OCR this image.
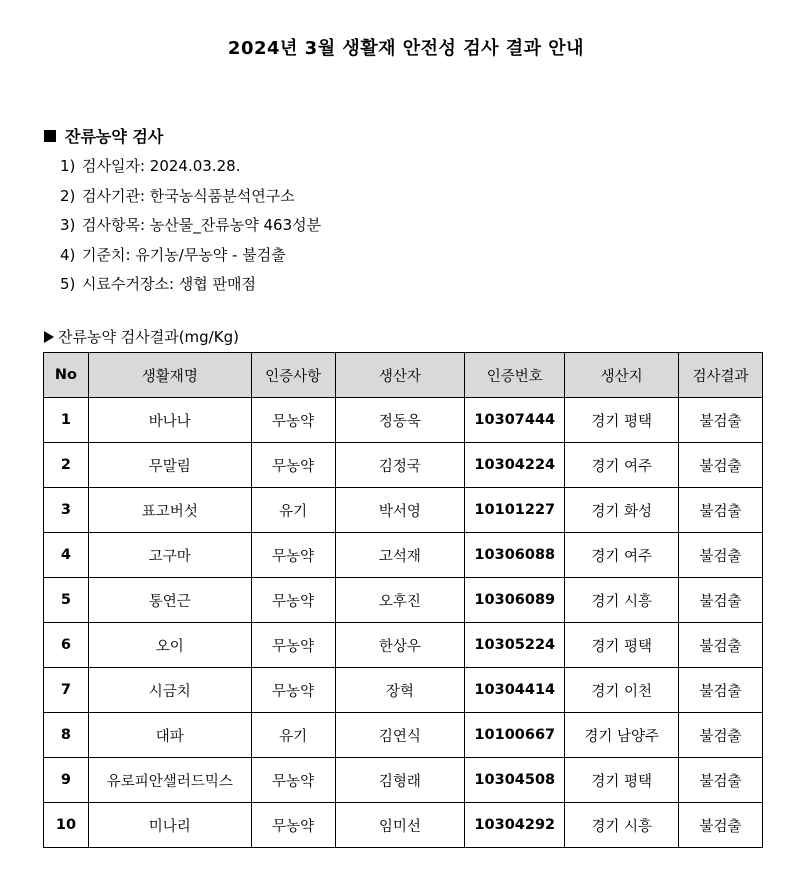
2024년 3월 생활재 안전성 검사 결과 안내
잔류농약 검사
1) 검사일자: 2024.03.28.
2) 검사기관: 한국농식품분석연구소
3) 검사항목: 농산물_잔류농약 463성분
4) 기준치: 유기농/무농약 - 불검출
5) 시료수거장소: 생협 판매점
잔류농약 검사결과(mg/Kg)
No	생활재명	인증사항	생산자	인증번호	생산지	검사결과
1	바나나	무농약	정동욱	10307444	경기 평택	불검출
2	무말림	무농약	김정국	10304224	경기 여주	불검출
3	표고버섯	유기	박서영	10101227	경기 화성	불검출
4	고구마	무농약	고석재	10306088	경기 여주	불검출
5	통연근	무농약	오후진	10306089	경기 시흥	불검출
6	오이	무농약	한상우	10305224	경기 평택	불검출
7	시금치	무농약	장혁	10304414	경기 이천	불검출
8	대파	유기	김연식	10100667	경기 남양주	불검출
9	유로피안샐러드믹스	무농약	김형래	10304508	경기 평택	불검출
10	미나리	무농약	임미선	10304292	경기 시흥	불검출
